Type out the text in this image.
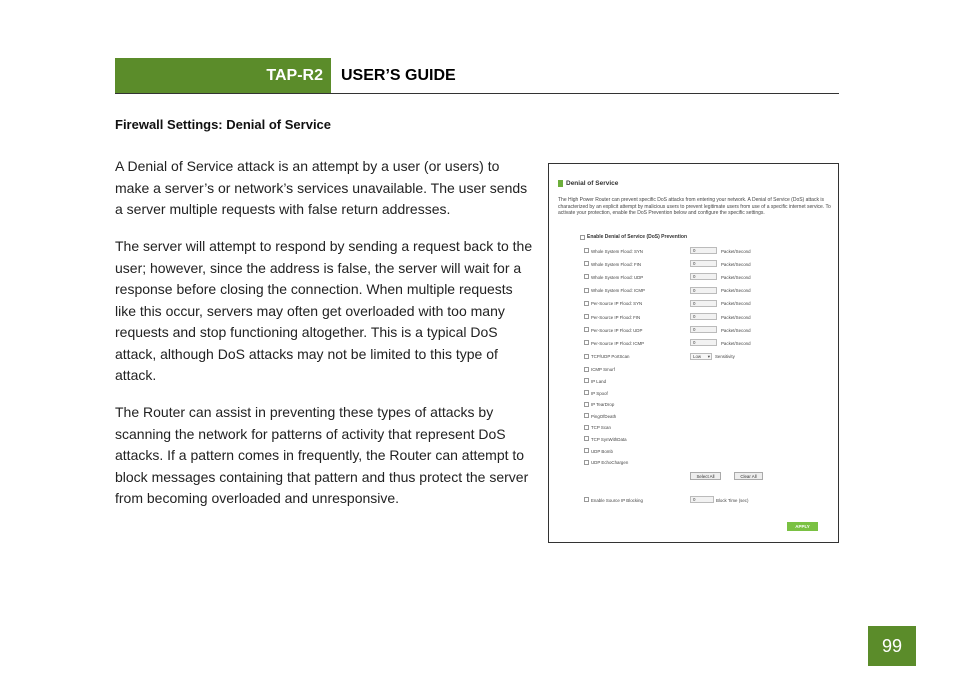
TAP-R2	USER’S GUIDE
Firewall Settings: Denial of Service

A Denial of Service attack is an attempt by a user (or users) to make a server’s or network’s services unavailable. The user sends a server multiple requests with false return addresses.

The server will attempt to respond by sending a request back to the user; however, since the address is false, the server will wait for a response before closing the connection. When multiple requests like this occur, servers may often get overloaded with too many requests and stop functioning altogether. This is a typical DoS attack, although DoS attacks may not be limited to this type of attack.

The Router can assist in preventing these types of attacks by scanning the network for patterns of activity that represent DoS attacks. If a pattern comes in frequently, the Router can attempt to block messages containing that pattern and thus protect the server from becoming overloaded and unresponsive.

Denial of Service
The High Power Router can prevent specific DoS attacks from entering your network. A Denial of Service (DoS) attack is characterized by an explicit attempt by malicious users to prevent legitimate users from use of a specific internet service. To activate your protection, enable the DoS Prevention below and configure the specific settings.
Enable Denial of Service (DoS) Prevention
Whole System Flood: SYN	0	Packet/Second
Whole System Flood: FIN	0	Packet/Second
Whole System Flood: UDP	0	Packet/Second
Whole System Flood: ICMP	0	Packet/Second
Per-Source IP Flood: SYN	0	Packet/Second
Per-Source IP Flood: FIN	0	Packet/Second
Per-Source IP Flood: UDP	0	Packet/Second
Per-Source IP Flood: ICMP	0	Packet/Second
TCP/UDP PortScan	Low ▾ Sensitivity
ICMP Smurf
IP Land
IP Spoof
IP TearDrop
PingOfDeath
TCP Scan
TCP SynWithData
UDP Bomb
UDP EchoChargen
Select All	Clear All
Enable Source IP Blocking	0	Block Time (sec)
APPLY
99
